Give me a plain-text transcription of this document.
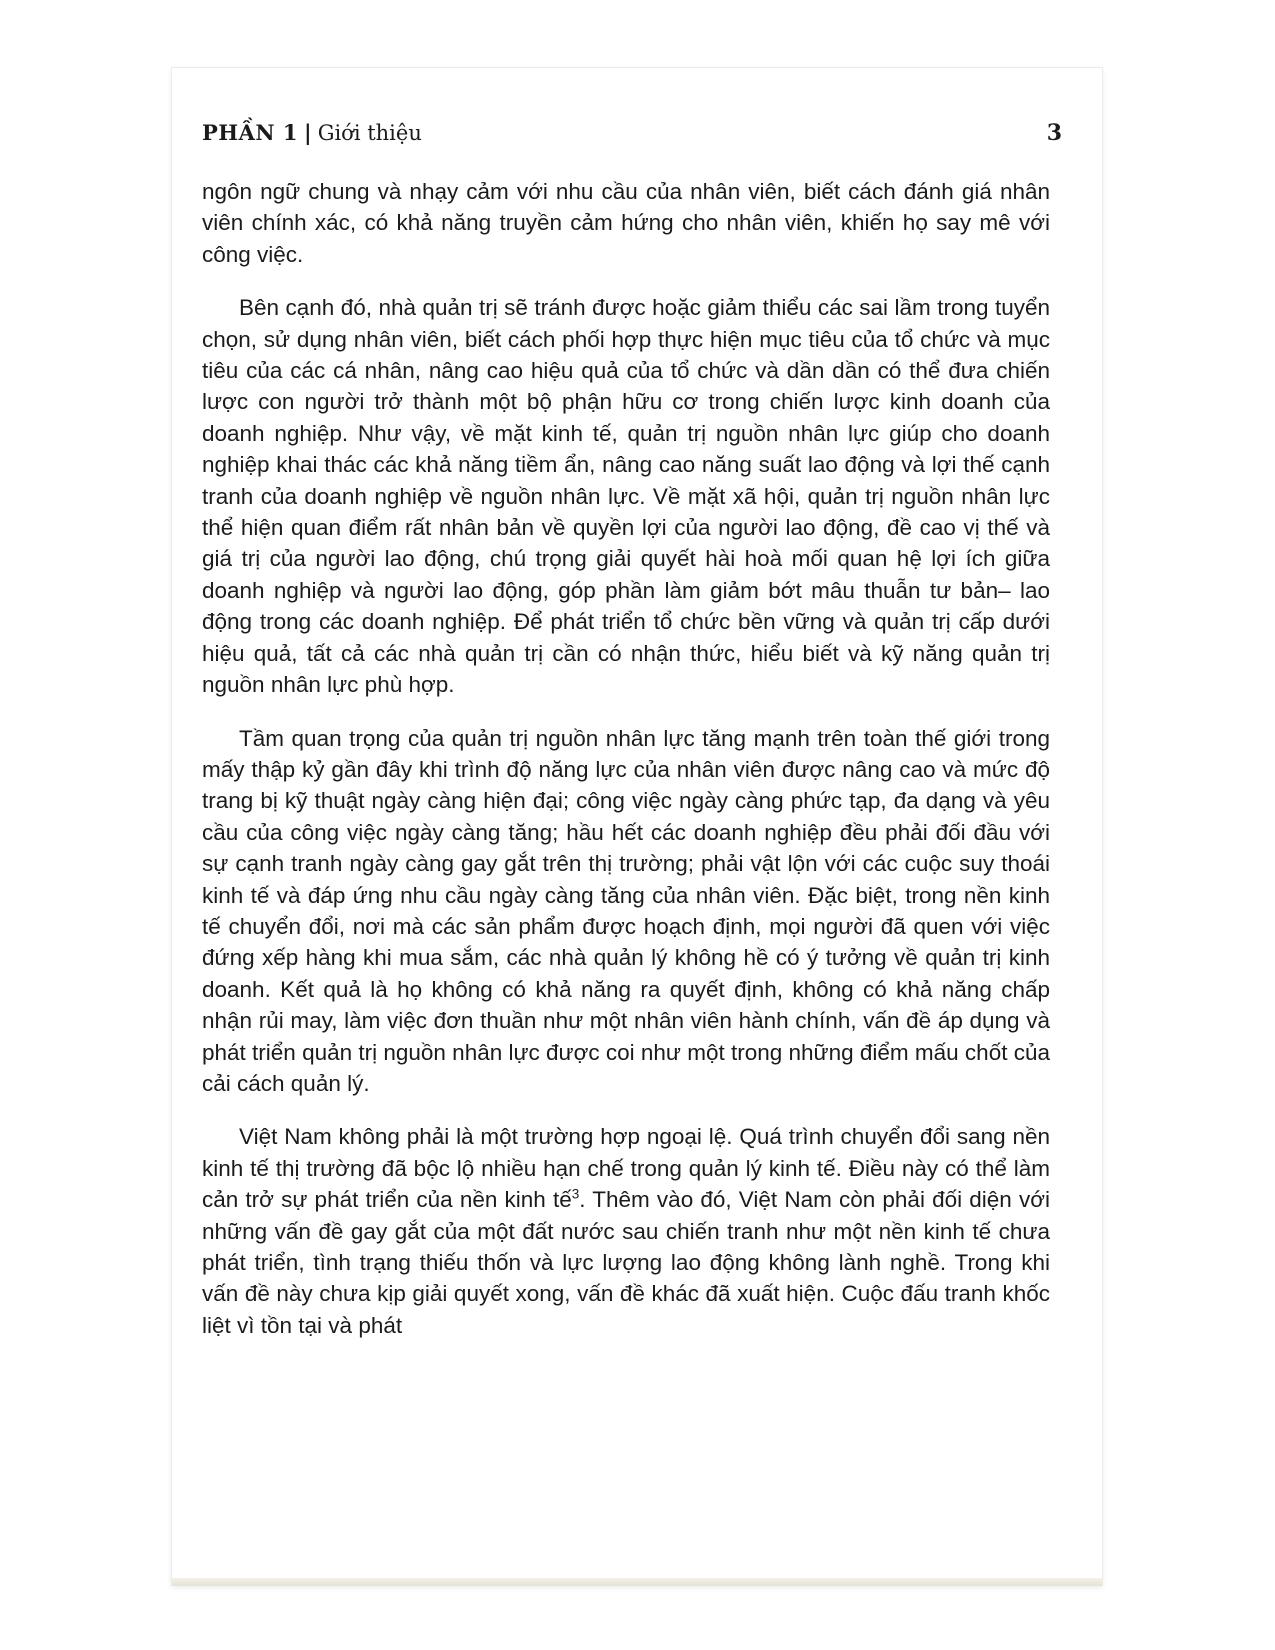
PHẦN 1 | Giới thiệu	3

ngôn ngữ chung và nhạy cảm với nhu cầu của nhân viên, biết cách đánh giá nhân viên chính xác, có khả năng truyền cảm hứng cho nhân viên, khiến họ say mê với công việc.

Bên cạnh đó, nhà quản trị sẽ tránh được hoặc giảm thiểu các sai lầm trong tuyển chọn, sử dụng nhân viên, biết cách phối hợp thực hiện mục tiêu của tổ chức và mục tiêu của các cá nhân, nâng cao hiệu quả của tổ chức và dần dần có thể đưa chiến lược con người trở thành một bộ phận hữu cơ trong chiến lược kinh doanh của doanh nghiệp. Như vậy, về mặt kinh tế, quản trị nguồn nhân lực giúp cho doanh nghiệp khai thác các khả năng tiềm ẩn, nâng cao năng suất lao động và lợi thế cạnh tranh của doanh nghiệp về nguồn nhân lực. Về mặt xã hội, quản trị nguồn nhân lực thể hiện quan điểm rất nhân bản về quyền lợi của người lao động, đề cao vị thế và giá trị của người lao động, chú trọng giải quyết hài hoà mối quan hệ lợi ích giữa doanh nghiệp và người lao động, góp phần làm giảm bớt mâu thuẫn tư bản– lao động trong các doanh nghiệp. Để phát triển tổ chức bền vững và quản trị cấp dưới hiệu quả, tất cả các nhà quản trị cần có nhận thức, hiểu biết và kỹ năng quản trị nguồn nhân lực phù hợp.

Tầm quan trọng của quản trị nguồn nhân lực tăng mạnh trên toàn thế giới trong mấy thập kỷ gần đây khi trình độ năng lực của nhân viên được nâng cao và mức độ trang bị kỹ thuật ngày càng hiện đại; công việc ngày càng phức tạp, đa dạng và yêu cầu của công việc ngày càng tăng; hầu hết các doanh nghiệp đều phải đối đầu với sự cạnh tranh ngày càng gay gắt trên thị trường; phải vật lộn với các cuộc suy thoái kinh tế và đáp ứng nhu cầu ngày càng tăng của nhân viên. Đặc biệt, trong nền kinh tế chuyển đổi, nơi mà các sản phẩm được hoạch định, mọi người đã quen với việc đứng xếp hàng khi mua sắm, các nhà quản lý không hề có ý tưởng về quản trị kinh doanh. Kết quả là họ không có khả năng ra quyết định, không có khả năng chấp nhận rủi may, làm việc đơn thuần như một nhân viên hành chính, vấn đề áp dụng và phát triển quản trị nguồn nhân lực được coi như một trong những điểm mấu chốt của cải cách quản lý.

Việt Nam không phải là một trường hợp ngoại lệ. Quá trình chuyển đổi sang nền kinh tế thị trường đã bộc lộ nhiều hạn chế trong quản lý kinh tế. Điều này có thể làm cản trở sự phát triển của nền kinh tế$^3$. Thêm vào đó, Việt Nam còn phải đối diện với những vấn đề gay gắt của một đất nước sau chiến tranh như một nền kinh tế chưa phát triển, tình trạng thiếu thốn và lực lượng lao động không lành nghề. Trong khi vấn đề này chưa kịp giải quyết xong, vấn đề khác đã xuất hiện. Cuộc đấu tranh khốc liệt vì tồn tại và phát
